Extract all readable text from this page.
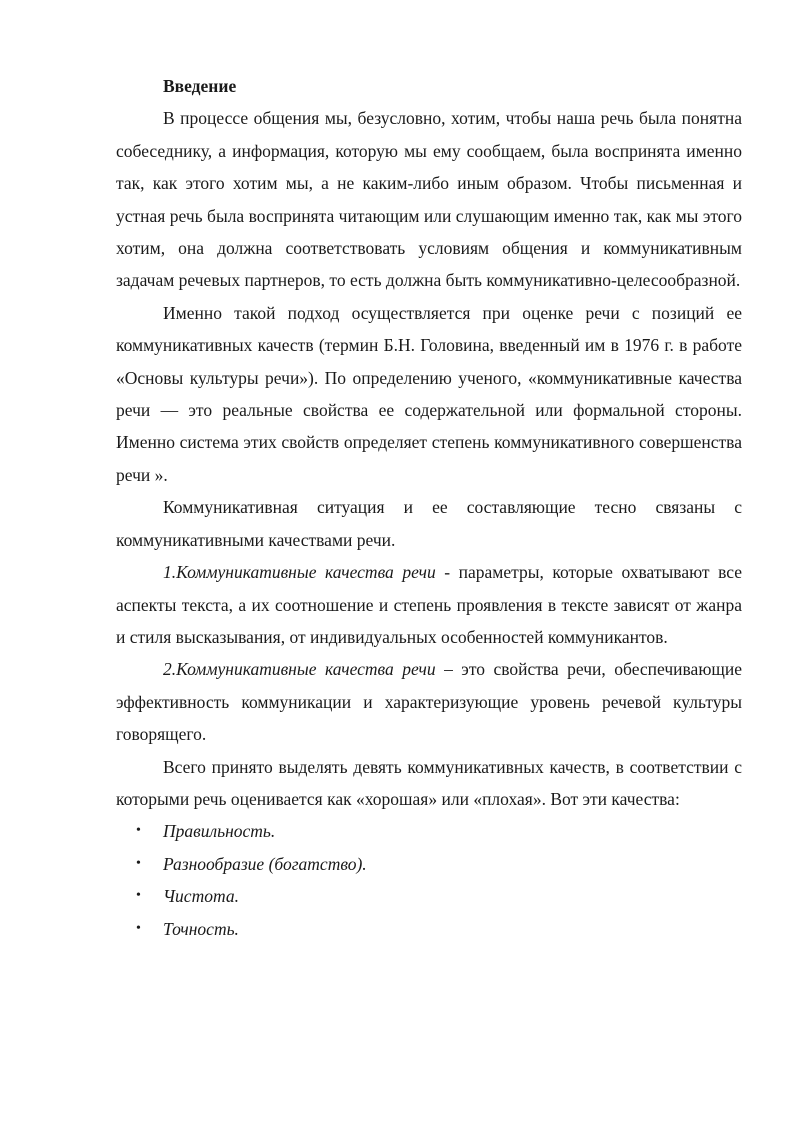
Введение

В процессе общения мы, безусловно, хотим, чтобы наша речь была понятна собеседнику, а информация, которую мы ему сообщаем, была воспринята именно так, как этого хотим мы, а не каким-либо иным образом. Чтобы письменная и устная речь была воспринята читающим или слушающим именно так, как мы этого хотим, она должна соответствовать условиям общения и коммуникативным задачам речевых партнеров, то есть должна быть коммуникативно-целесообразной.

Именно такой подход осуществляется при оценке речи с позиций ее коммуникативных качеств (термин Б.Н. Головина, введенный им в 1976 г. в работе «Основы культуры речи»). По определению ученого, «коммуникативные качества речи — это реальные свойства ее содержательной или формальной стороны. Именно система этих свойств определяет степень коммуникативного совершенства речи ».

Коммуникативная ситуация и ее составляющие тесно связаны с коммуникативными качествами речи.

1.Коммуникативные качества речи - параметры, которые охватывают все аспекты текста, а их соотношение и степень проявления в тексте зависят от жанра и стиля высказывания, от индивидуальных особенностей коммуникантов.

2.Коммуникативные качества речи – это свойства речи, обеспечивающие эффективность коммуникации и характеризующие уровень речевой культуры говорящего.

Всего принято выделять девять коммуникативных качеств, в соответствии с которыми речь оценивается как «хорошая» или «плохая». Вот эти качества:

• Правильность.
• Разнообразие (богатство).
• Чистота.
• Точность.
